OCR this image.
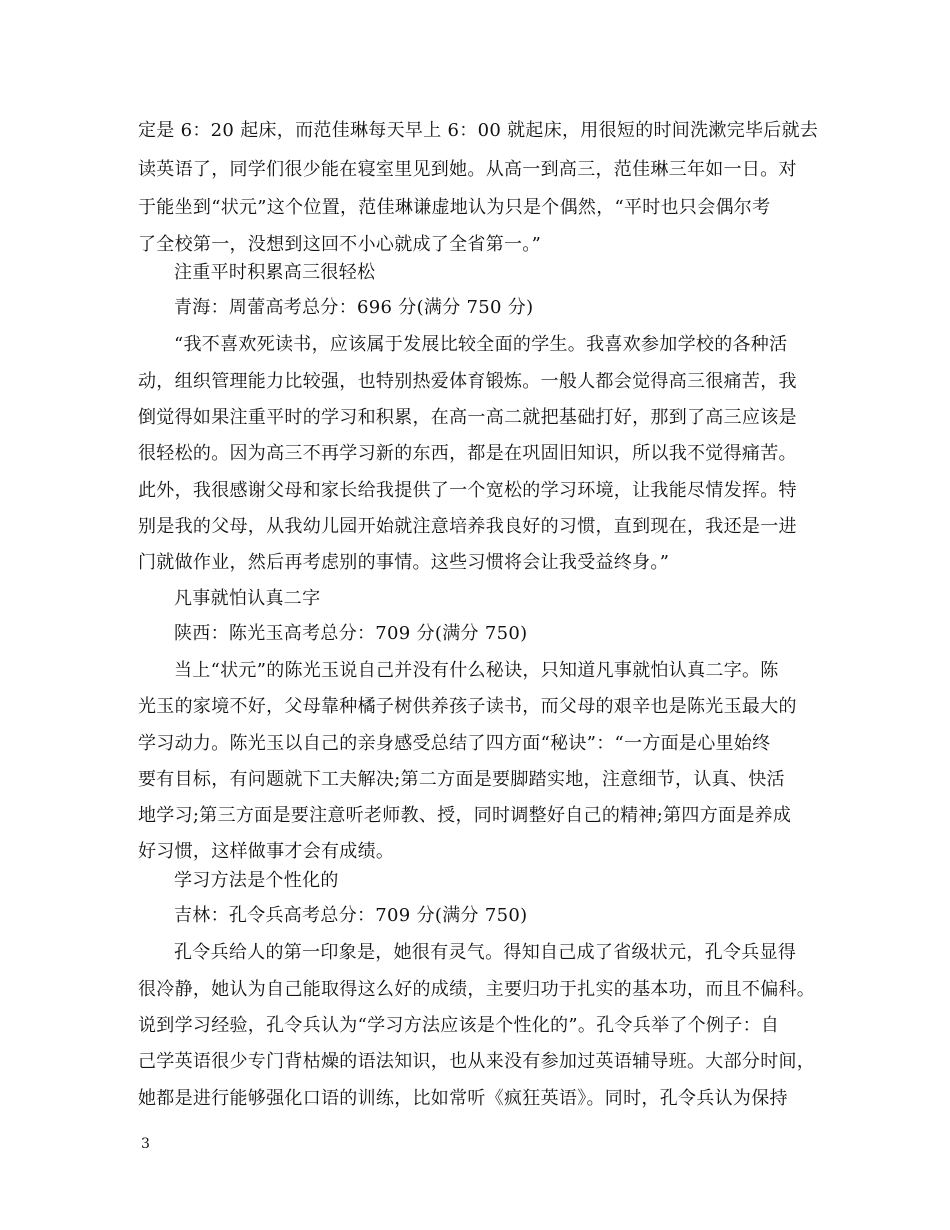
定是 6：20 起床，而范佳琳每天早上 6：00 就起床，用很短的时间洗漱完毕后就去
读英语了，同学们很少能在寝室里见到她。从高一到高三，范佳琳三年如一日。对
于能坐到“状元”这个位置，范佳琳谦虚地认为只是个偶然，“平时也只会偶尔考
了全校第一，没想到这回不小心就成了全省第一。”
注重平时积累高三很轻松
青海：周蕾高考总分：696 分(满分 750 分)
“我不喜欢死读书，应该属于发展比较全面的学生。我喜欢参加学校的各种活
动，组织管理能力比较强，也特别热爱体育锻炼。一般人都会觉得高三很痛苦，我
倒觉得如果注重平时的学习和积累，在高一高二就把基础打好，那到了高三应该是
很轻松的。因为高三不再学习新的东西，都是在巩固旧知识，所以我不觉得痛苦。
此外，我很感谢父母和家长给我提供了一个宽松的学习环境，让我能尽情发挥。特
别是我的父母，从我幼儿园开始就注意培养我良好的习惯，直到现在，我还是一进
门就做作业，然后再考虑别的事情。这些习惯将会让我受益终身。”
凡事就怕认真二字
陕西：陈光玉高考总分：709 分(满分 750)
当上“状元”的陈光玉说自己并没有什么秘诀，只知道凡事就怕认真二字。陈
光玉的家境不好，父母靠种橘子树供养孩子读书，而父母的艰辛也是陈光玉最大的
学习动力。陈光玉以自己的亲身感受总结了四方面“秘诀”：“一方面是心里始终
要有目标，有问题就下工夫解决;第二方面是要脚踏实地，注意细节，认真、快活
地学习;第三方面是要注意听老师教、授，同时调整好自己的精神;第四方面是养成
好习惯，这样做事才会有成绩。
学习方法是个性化的
吉林：孔令兵高考总分：709 分(满分 750)
孔令兵给人的第一印象是，她很有灵气。得知自己成了省级状元，孔令兵显得
很冷静，她认为自己能取得这么好的成绩，主要归功于扎实的基本功，而且不偏科。
说到学习经验，孔令兵认为“学习方法应该是个性化的”。孔令兵举了个例子：自
己学英语很少专门背枯燥的语法知识，也从来没有参加过英语辅导班。大部分时间，
她都是进行能够强化口语的训练，比如常听《疯狂英语》。同时，孔令兵认为保持
3
